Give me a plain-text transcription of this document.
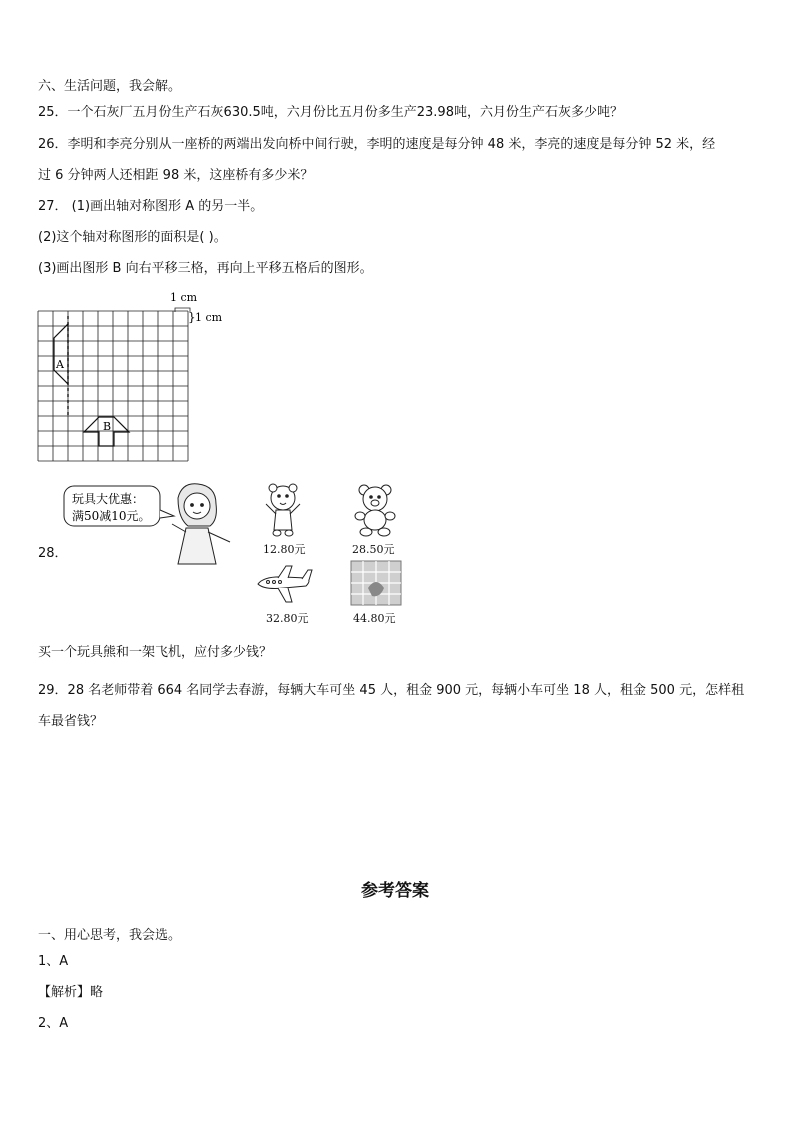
六、生活问题，我会解。
25．一个石灰厂五月份生产石灰630.5吨，六月份比五月份多生产23.98吨，六月份生产石灰多少吨？
26．李明和李亮分别从一座桥的两端出发向桥中间行驶，李明的速度是每分钟 48 米，李亮的速度是每分钟 52 米，经
过 6 分钟两人还相距 98 米，这座桥有多少米？
27． (1)画出轴对称图形 A 的另一半。
(2)这个轴对称图形的面积是( )。
(3)画出图形 B 向右平移三格，再向上平移五格后的图形。
1 cm
} 1 cm
A
B
28．
玩具大优惠：
满50减10元。
12.80元	28.50元
32.80元	44.80元
买一个玩具熊和一架飞机，应付多少钱？
29．28 名老师带着 664 名同学去春游，每辆大车可坐 45 人，租金 900 元，每辆小车可坐 18 人，租金 500 元，怎样租
车最省钱？
参考答案
一、用心思考，我会选。
1、A
【解析】略
2、A
